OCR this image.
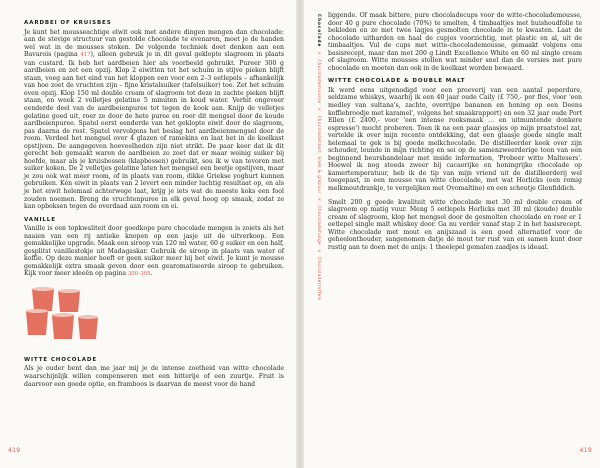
AARDBEI OF KRUISBES

Je kunt het mousseachtige elwit ook met andere dingen mengen dan chocolade: aan de stevige structuur van gestolde chocolade te evenaren, moet je de handen wel wat in de mousses stoken. De volgende techniek doet denken aan een Bavarois (pagina 417), alleen gebruik je in dit geval geklopte slagroom in plaats van custard. Ik heb het aardbeien hier als voorbeeld gebruikt. Pureer 300 g aardbeien en zet een opzij. Klop 2 eiwitten tot het schuim in stijve pieken blijft staan, voeg aan het eind van het kloppen een voor een 2–3 eetlepels – afhankelijk van hoe zoet de vruchten zijn – fijne kristalsuiker (tafelsuiker) toe. Zet het schuim even opzij. Klop 150 ml double cream of slagroom tot deze in zachte pieken blijft staan, en week 2 velletjes gelatine 5 minuten in koud water. Verhit ongeveer eenderde deel van de aardbeienpuree tot tegen de kook aan. Knijp de velletjes gelatine goed uit, roer ze door de hete puree en roer dit mengsel door de koude aardbeienpuree. Spatel eerst eenderde van het geklopte eiwit door de slagroom, pas daarna de rest. Spatel vervolgens het beslag het aardbeienmengsel door de room. Verdeel het mengsel over 4 glazen of ramekins en laat het in de koelkast opstijven. De aangegeven hoeveelheden zijn niet strikt. De paar keer dat ik dit gerecht heb gemaakt waren de aardbeien zo zoet dat er maar weinig suiker bij hoefde, maar als je kruisbessen (klapbessen) gebruikt, sou ik w van tevoren met suiker koken. De 2 velletjes gelatine laten het mengsel een beetje opstijven, maar je zou ook wat meer room, of in plaats van room, dikke Griekse yoghurt kunnen gebruiken. Kén eiwit in plaats van 2 levert een minder luchtig resultaat op, en als je het eiwit helemaal achterwege laat, krijg je iets wat de meeste koks een fool zouden noemen. Breng de vruchtenpuree in elk geval hoog op smaak, zodat ze kan opboksen tegen de overdaad aan room en ei.

VANILLE

Vanille is een topkwaliteit door goedkope pure chocolade mengen is zoiets als het naaien van een rij antieke knopen op een jasje uit de uitverkoop. Een gemakkelijke upgrade. Maak een siroop van 120 ml water, 60 g suiker en een half, gesplitst vanillestokje uit Madagaskar. Gebruik de siroop in plaats van water of koffie. Op deze manier hoeft er geen suiker meer bij het eiwit. Je kunt je mousse gemakkelijk extra smaak geven door een gearomatiseerde siroop te gebruiken. Kijk voor meer ideeën op pagina 300–305.

WITTE CHOCOLADE

Als je ouder bent dan me jaar mij je de intense zoetheid van witte chocolade waarschijnlijk willen compenseren met een bitterije of een zuurtje. Fruit is daarvoor een goede optie, en framboos is daarvan de meest voor de hand

419
Chocolade×Chocolademousse×Chocoladetaart, koek & glazuur×Chocoladefudge×Chocoladetruffels

liggende. Of maak bittere, pure chocoladecups voor de witte-chocolademousse, door 40 g pure chocolade (70%) te smelten, 4 timbaaltjes met huishoudfolie te bekleden en ze met twee lagjes gesmolten chocolade in te kwasten. Laat de chocolade uitharden en haal de cupjes voorzichtig, met plastic en al, uit de timbaaltjes. Vul de cups met witte-chocolademousse, gemaakt volgens ons basisrecept, maar dan met 200 g Lindt Excellence White en 60 ml single cream of slagroom. Witte mousses stollen wat minder snel dan de versies met pure chocolade en moeten dan ook in de koelkast worden bewaard.

WITTE CHOCOLADE & DOUBLE MALT

Ik werd eens uitgenodigd voor een proeverij van een aantal peperdure, seldzame whiskys, waarbij ik een 40 jaar oude Caily (£ 750,- per fles, voor 'een medley van sultana's, zachte, overrijpe bananen en honing op een Deens koffiebroodje met karamel', volgens het smaakrapport) en een 32 jaar oude Port Ellen (£ 2400,- voor 'een intense rooksmaak … en uitmuntende donkere espresso') mocht proberen. Toen ik na een paar glaasjes op mijn praatstoel zat, vertelde ik over mijn recente ontdekking, dat een glaasje goede single malt helemaal te gek is bij goede melkchocolade. De distilleerder keek over zijn schouder, leunde in mijn richting en sei op de samenzweerderige toon van een beginnend beursbandelaar met inside information, 'Probeer witte Maltesers'. Hoewel ik nog steeds zweer bij cacaorijke en honingrijke chocolade op kamertemperatuur, heb ik de tip van mijn vriend uit de distilleerderij wel toegepast, in een mousse van witte chocolade, met wat Horlicks (een romig melkmoutdrankje, te vergelijken met Ovomaltine) en een scheutje Glenfiddich.

Smelt 200 g goede kwaliteit witte chocolade met 30 ml double cream of slagroom op matig vuur. Meng 5 eetlepels Horlicks met 30 ml (koude) double cream of slagroom, klop het mengsel door de gesmolten chocolade en roer er 1 eetlepel single malt whiskey door. Ga nu verder vanaf stap 2 in het basisrecept. Witte chocolade met mout en anijszaad is een goed alternatief voor de geheelonthouder, sangenomen datje de mout ter rust van en samen kunt door rustig aan te doen met de anijs: 1 theelepel gemalen zaadjes is ideaal.

419
